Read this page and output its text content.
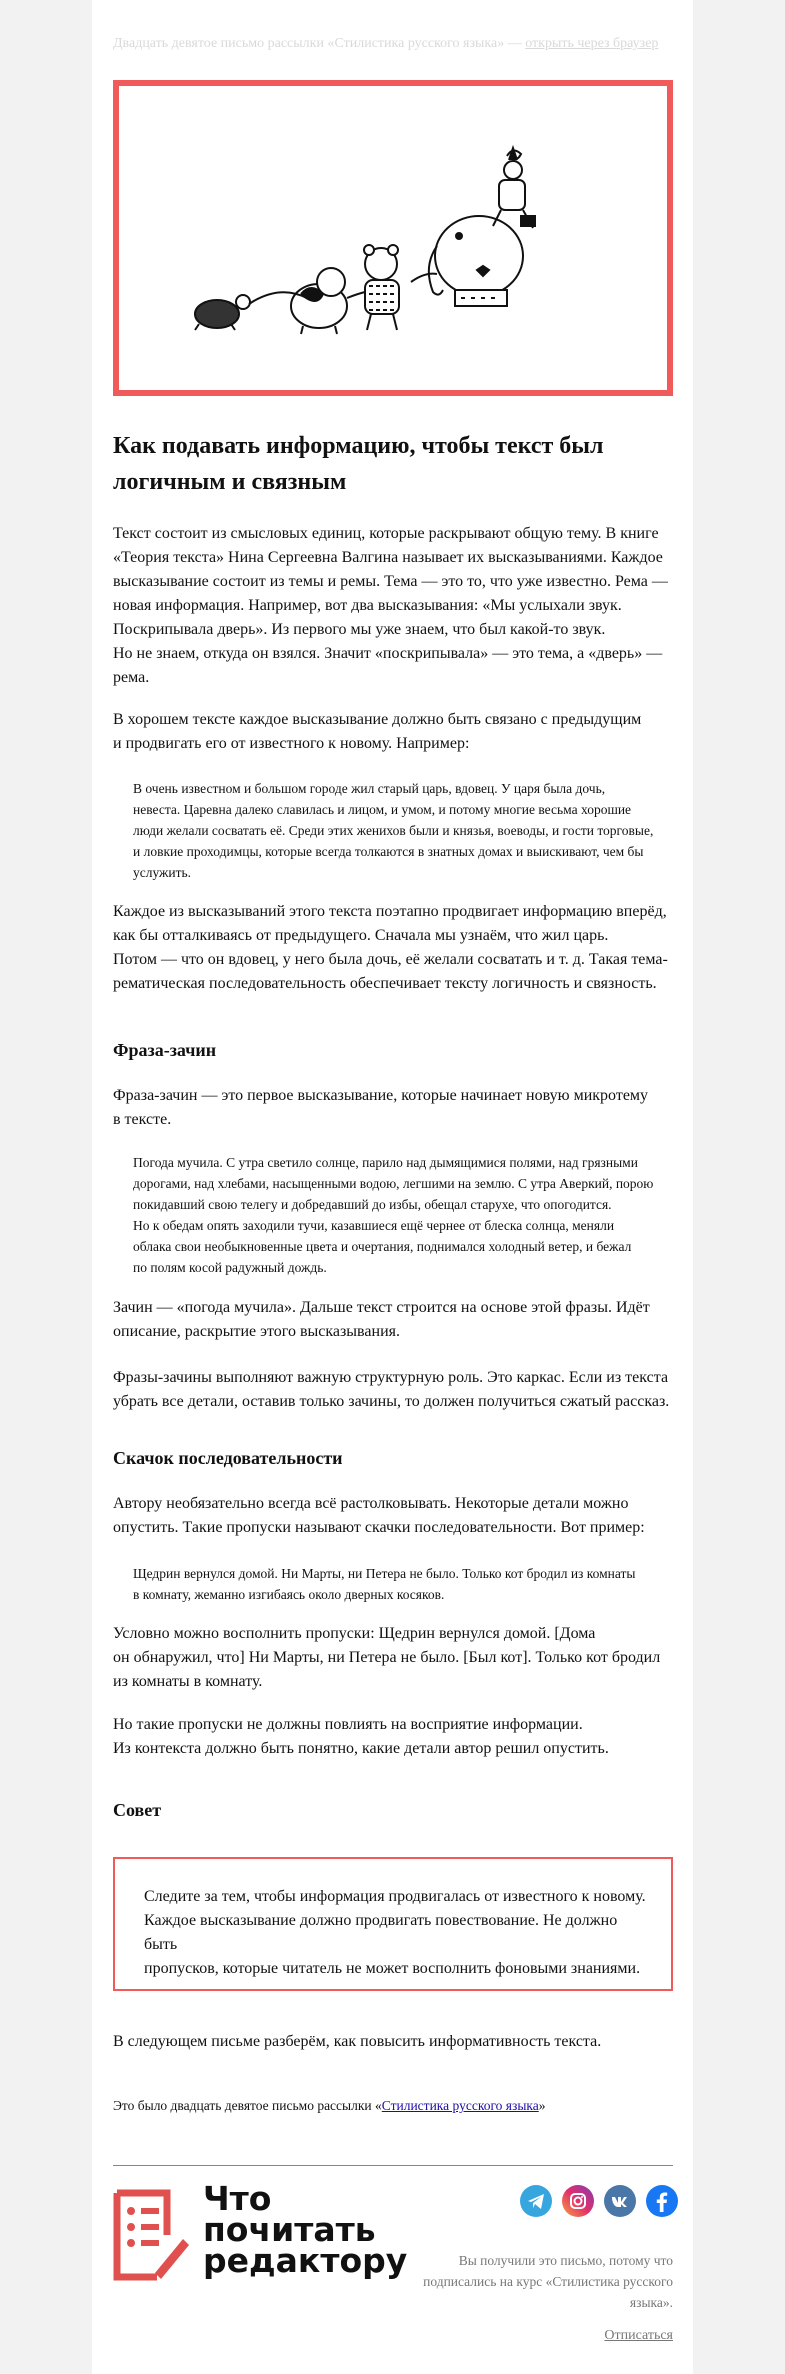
Двадцать девятое письмо рассылки «Стилистика русского языка» — открыть через браузер
Как подавать информацию, чтобы текст был логичным и связным
Текст состоит из смысловых единиц, которые раскрывают общую тему. В книге
«Теория текста» Нина Сергеевна Валгина называет их высказываниями. Каждое
высказывание состоит из темы и ремы. Тема — это то, что уже известно. Рема —
новая информация. Например, вот два высказывания: «Мы услыхали звук.
Поскрипывала дверь». Из первого мы уже знаем, что был какой-то звук.
Но не знаем, откуда он взялся. Значит «поскрипывала» — это тема, а «дверь» —
рема.
В хорошем тексте каждое высказывание должно быть связано с предыдущим
и продвигать его от известного к новому. Например:
В очень известном и большом городе жил старый царь, вдовец. У царя была дочь,
невеста. Царевна далеко славилась и лицом, и умом, и потому многие весьма хорошие
люди желали сосватать её. Среди этих женихов были и князья, воеводы, и гости торговые,
и ловкие проходимцы, которые всегда толкаются в знатных домах и выискивают, чем бы
услужить.
Каждое из высказываний этого текста поэтапно продвигает информацию вперёд,
как бы отталкиваясь от предыдущего. Сначала мы узнаём, что жил царь.
Потом — что он вдовец, у него была дочь, её желали сосватать и т. д. Такая тема-
рематическая последовательность обеспечивает тексту логичность и связность.
Фраза-зачин
Фраза-зачин — это первое высказывание, которые начинает новую микротему
в тексте.
Погода мучила. С утра светило солнце, парило над дымящимися полями, над грязными
дорогами, над хлебами, насыщенными водою, легшими на землю. С утра Аверкий, порою
покидавший свою телегу и добредавший до избы, обещал старухе, что опогодится.
Но к обедам опять заходили тучи, казавшиеся ещё чернее от блеска солнца, меняли
облака свои необыкновенные цвета и очертания, поднимался холодный ветер, и бежал
по полям косой радужный дождь.
Зачин — «погода мучила». Дальше текст строится на основе этой фразы. Идёт
описание, раскрытие этого высказывания.
Фразы-зачины выполняют важную структурную роль. Это каркас. Если из текста
убрать все детали, оставив только зачины, то должен получиться сжатый рассказ.
Скачок последовательности
Автору необязательно всегда всё растолковывать. Некоторые детали можно
опустить. Такие пропуски называют скачки последовательности. Вот пример:
Щедрин вернулся домой. Ни Марты, ни Петера не было. Только кот бродил из комнаты
в комнату, жеманно изгибаясь около дверных косяков.
Условно можно восполнить пропуски: Щедрин вернулся домой. [Дома
он обнаружил, что] Ни Марты, ни Петера не было. [Был кот]. Только кот бродил
из комнаты в комнату.
Но такие пропуски не должны повлиять на восприятие информации.
Из контекста должно быть понятно, какие детали автор решил опустить.
Совет

Следите за тем, чтобы информация продвигалась от известного к новому.
Каждое высказывание должно продвигать повествование. Не должно быть
пропусков, которые читатель не может восполнить фоновыми знаниями.

В следующем письме разберём, как повысить информативность текста.
Это было двадцать девятое письмо рассылки «Стилистика русского языка»
Что
почитать
редактору	Вы получили это письмо, потому что
подписались на курс «Стилистика русского
языка».
Отписаться
